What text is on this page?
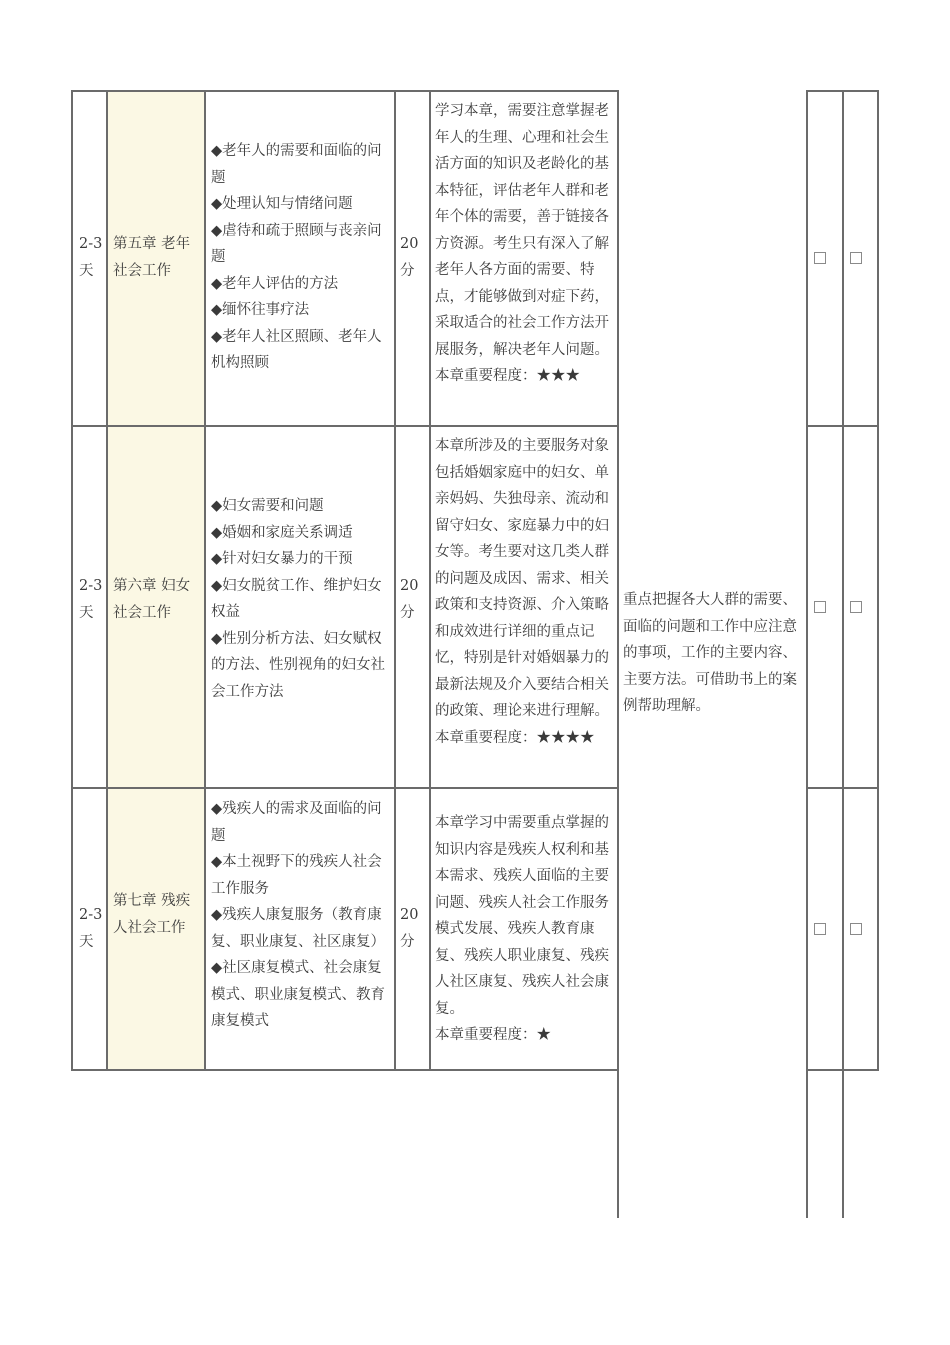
2-3天
第五章 老年社会工作

◆老年人的需要和面临的问题

◆处理认知与情绪问题

◆虐待和疏于照顾与丧亲问题

◆老年人评估的方法

◆缅怀往事疗法

◆老年人社区照顾、老年人机构照顾

20分

学习本章，需要注意掌握老年人的生理、心理和社会生活方面的知识及老龄化的基本特征，评估老年人群和老年个体的需要，善于链接各方资源。考生只有深入了解老年人各方面的需要、特点，才能够做到对症下药，采取适合的社会工作方法开展服务，解决老年人问题。

本章重要程度：★★★

2-3天
第六章 妇女社会工作

◆妇女需要和问题

◆婚姻和家庭关系调适

◆针对妇女暴力的干预

◆妇女脱贫工作、维护妇女权益

◆性别分析方法、妇女赋权的方法、性别视角的妇女社会工作方法

20分

本章所涉及的主要服务对象包括婚姻家庭中的妇女、单亲妈妈、失独母亲、流动和留守妇女、家庭暴力中的妇女等。考生要对这几类人群的问题及成因、需求、相关政策和支持资源、介入策略和成效进行详细的重点记忆，特别是针对婚姻暴力的最新法规及介入要结合相关的政策、理论来进行理解。

本章重要程度：★★★★

2-3天
第七章 残疾人社会工作

◆残疾人的需求及面临的问题

◆本土视野下的残疾人社会工作服务

◆残疾人康复服务（教育康复、职业康复、社区康复）

◆社区康复模式、社会康复模式、职业康复模式、教育康复模式

20分

本章学习中需要重点掌握的知识内容是残疾人权利和基本需求、残疾人面临的主要问题、残疾人社会工作服务模式发展、残疾人教育康复、残疾人职业康复、残疾人社区康复、残疾人社会康复。

本章重要程度：★

重点把握各大人群的需要、面临的问题和工作中应注意的事项，工作的主要内容、主要方法。可借助书上的案例帮助理解。
